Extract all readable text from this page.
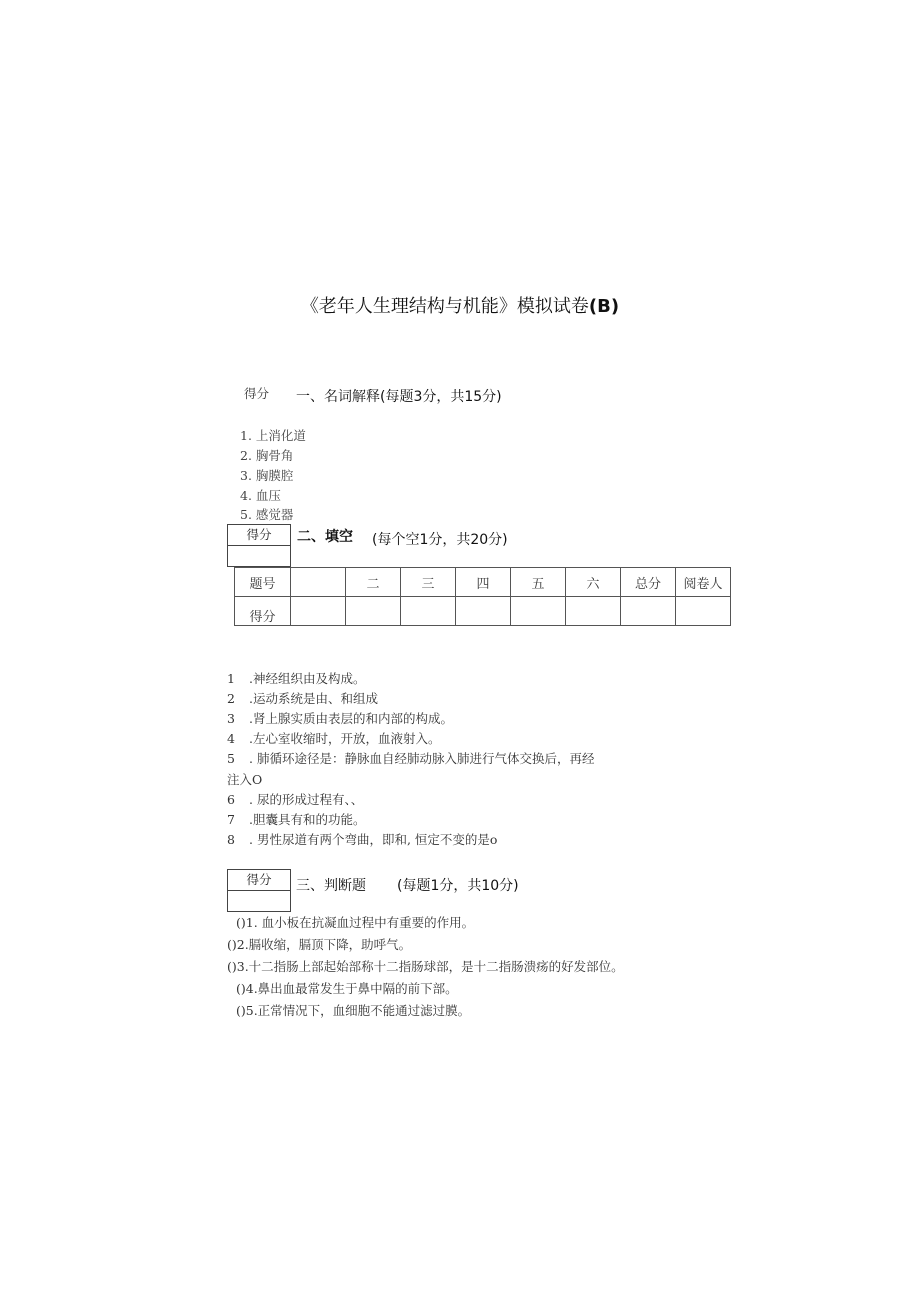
《老年人生理结构与机能》模拟试卷(B)
得分 一、名词解释(每题3分，共15分)
1. 上消化道
2. 胸骨角
3. 胸膜腔
4. 血压
5. 感觉器
得分	二、填空 (每个空1分，共20分)
题号		二	三	四	五	六	总分	阅卷人
得分								
1 .神经组织由及构成。
2 .运动系统是由、和组成
3 .肾上腺实质由表层的和内部的构成。
4 .左心室收缩时，开放，血液射入。
5 . 肺循环途径是：静脉血自经肺动脉入肺进行气体交换后，再经
注入O
6 . 尿的形成过程有、、
7 .胆囊具有和的功能。
8 . 男性尿道有两个弯曲，即和, 恒定不变的是o
得分	三、判断题 (每题1分，共10分)
()1. 血小板在抗凝血过程中有重要的作用。
()2.膈收缩，膈顶下降，助呼气。
()3.十二指肠上部起始部称十二指肠球部，是十二指肠溃疡的好发部位。
()4.鼻出血最常发生于鼻中隔的前下部。
()5.正常情况下，血细胞不能通过滤过膜。
